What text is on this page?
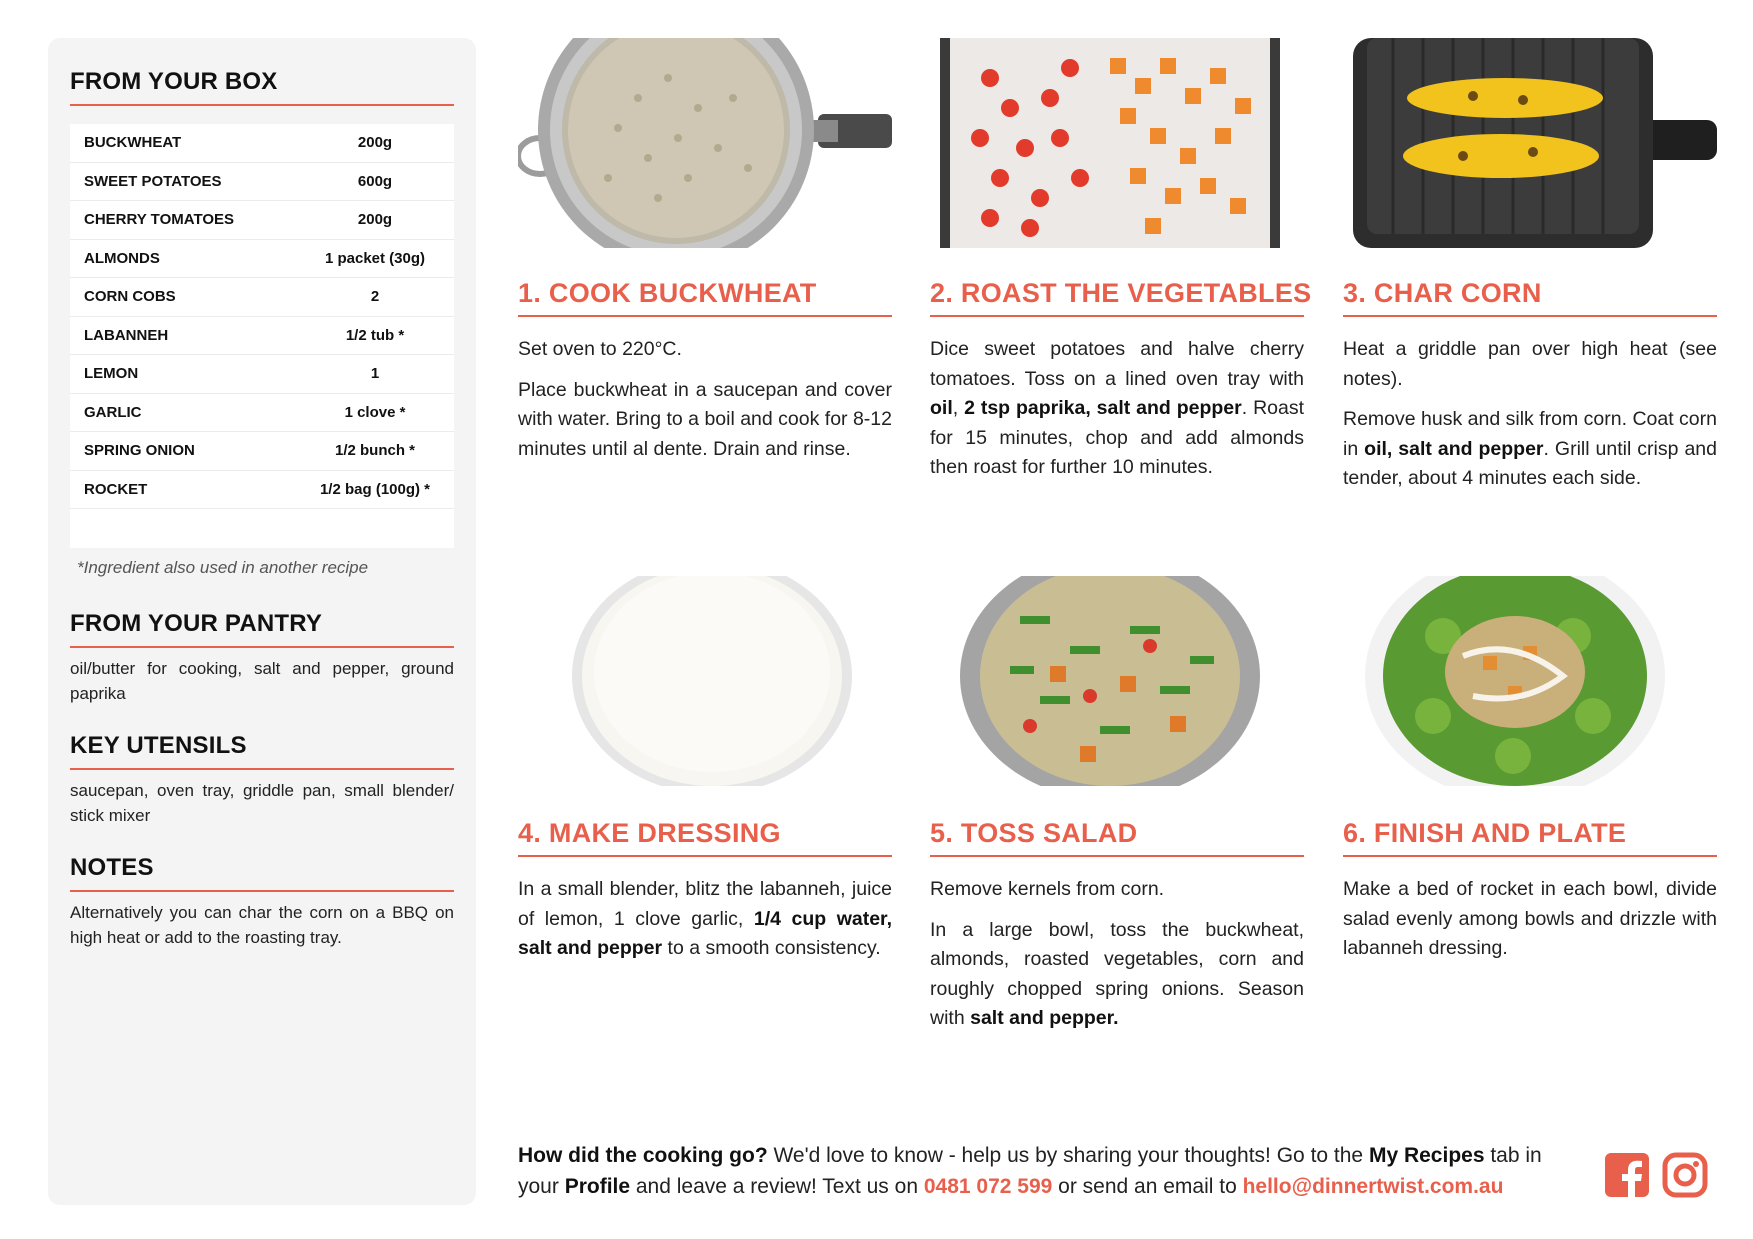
FROM YOUR BOX
BUCKWHEAT	200g
SWEET POTATOES	600g
CHERRY TOMATOES	200g
ALMONDS	1 packet (30g)
CORN COBS	2
LABANNEH	1/2 tub *
LEMON	1
GARLIC	1 clove *
SPRING ONION	1/2 bunch *
ROCKET	1/2 bag (100g) *
*Ingredient also used in another recipe
FROM YOUR PANTRY
oil/butter for cooking, salt and pepper, ground paprika
KEY UTENSILS
saucepan, oven tray, griddle pan, small blender/ stick mixer
NOTES
Alternatively you can char the corn on a BBQ on high heat or add to the roasting tray.
1. COOK BUCKWHEAT

Set oven to 220°C.

Place buckwheat in a saucepan and cover with water. Bring to a boil and cook for 8-12 minutes until al dente. Drain and rinse.

2. ROAST THE VEGETABLES

Dice sweet potatoes and halve cherry tomatoes. Toss on a lined oven tray with oil, 2 tsp paprika, salt and pepper. Roast for 15 minutes, chop and add almonds then roast for further 10 minutes.

3. CHAR CORN

Heat a griddle pan over high heat (see notes).

Remove husk and silk from corn. Coat corn in oil, salt and pepper. Grill until crisp and tender, about 4 minutes each side.

4. MAKE DRESSING

In a small blender, blitz the labanneh, juice of lemon, 1 clove garlic, 1/4 cup water, salt and pepper to a smooth consistency.

5. TOSS SALAD

Remove kernels from corn.

In a large bowl, toss the buckwheat, almonds, roasted vegetables, corn and roughly chopped spring onions. Season with salt and pepper.

6. FINISH AND PLATE

Make a bed of rocket in each bowl, divide salad evenly among bowls and drizzle with labanneh dressing.

How did the cooking go? We'd love to know - help us by sharing your thoughts! Go to the My Recipes tab in your Profile and leave a review! Text us on 0481 072 599 or send an email to hello@dinnertwist.com.au
